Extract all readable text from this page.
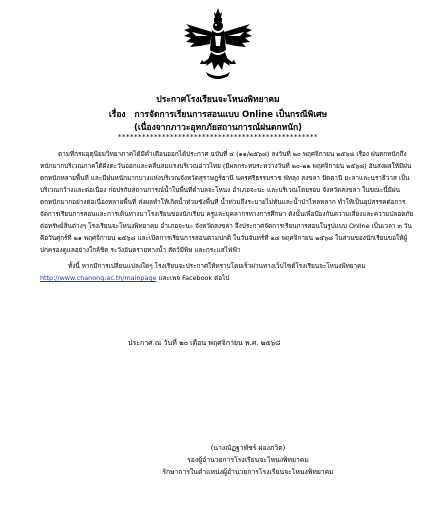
ประกาศโรงเรียนจะโหนงพิทยาคม
เรื่อง การจัดการเรียนการสอนแบบ Online เป็นกรณีพิเศษ
(เนื่องจากภาวะอุทกภัยสถานการณ์ฝนตกหนัก)
**************************************************

ตามที่กรมอุตุนิยมวิทยาภาคได้มีคำเตือนออกได้ประกาศ ฉบับที่ ๔ (๑๑/๒๕๖๘) ลงวันที่ ๒๐ พฤศจิกายน ๒๕๖๘ เรื่อง ฝนตกหนักถึงหนักมากบริเวณภาคใต้ฝั่งตะวันออกและคลื่นลมแรงบริเวณอ่าวไทย (มีผลกระทบระหว่างวันที่ ๒๐-๒๒ พฤศจิกายน ๒๕๖๘) อันส่งผลให้มีฝนตกหนักหลายพื้นที่ และมีฝนหนักมากบางแห่งบริเวณจังหวัดสุราษฎร์ธานี นครศรีธรรมราช พัทลุง สงขลา ปัตตานี ยะลาและนราธิวาส เป็นบริเวณกว้างและต่อเนื่อง ก่อปรกับสถานการณ์น้ำในพื้นที่ตำบลจะโหนง อำเภอจะนะ และบริเวณโดยรอบ จังหวัดสงขลา ในขณะนี้มีฝนตกหนักมากอย่างต่อเนื่องหลายพื้นที่ ส่งผลทำให้เกิดน้ำท่วมขังพื้นที่ น้ำท่วมถึงระบายไม่ทันและน้ำป่าไหลหลาก ทำให้เป็นอุปสรรคต่อการจัดการเรียนการสอนและการเดินทางมาโรงเรียนของนักเรียน ครูและบุคลากรทางการศึกษา ดังนั้นเพื่อป้องกันความเสี่ยงและความปลอดภัยต่อทรัพย์สินต่างๆ โรงเรียนจะโหนงพิทยาคม อำเภอจะนะ จังหวัดสงขลา จึงประกาศจัดการเรียนการสอนในรูปแบบ Online เป็นเวลา ๓ วัน คือวันศุกร์ที่ ๒๑ พฤศจิกายน ๒๕๖๘ และเปิดการเรียนการสอนตามปกติ ในวันจันทร์ที่ ๒๔ พฤศจิกายน ๒๕๖๘ ในส่วนของนักเรียนขอให้ผู้ปกครองดูแลอย่างใกล้ชิด ระวังอันตรายทางน้ำ สัตว์มีพิษ และกระแสไฟฟ้า

ทั้งนี้ หากมีการเปลี่ยนแปลงใดๆ โรงเรียนจะประกาศให้ทราบโดยเร็วผ่านทางเว็บไซต์โรงเรียนจะโหนงพิทยาคม http://www.chanong.ac.th/mainpage และเพจ Facebook ต่อไป

ประกาศ ณ วันที่ ๒๐ เดือน พฤศจิกายน พ.ศ. ๒๕๖๘
(นางณัฏฐาพัชร์ ผ่องภวิต)
รองผู้อำนวยการโรงเรียนจะโหนงพิทยาคม
รักษาการในตำแหน่งผู้อำนวยการโรงเรียนจะโหนงพิทยาคม
